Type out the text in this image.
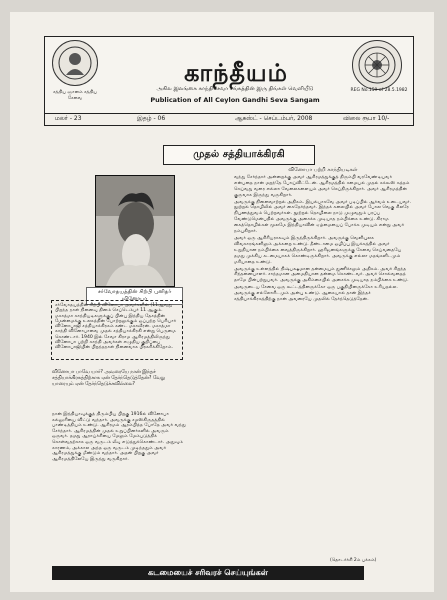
சத்திய ஞானம் சத்திய சேவை
காந்தீயம்
அகில இலங்கை காந்திசேவா சங்கத்தின் இரு திங்கள் வெளியீடு
Publication of All Ceylon Gandhi Seva Sangam
REG No.159 of 28.5.1982
மலர் - 23	இதழ் - 06	ஆகஸ்ட் - செப்டம்பர், 2008	விலை ரூபா 10/-
முதல் சத்தியாக்கிரகி
சர்வோதயத்தின் சிற்பி புனிதர் வினோபா
சர்வோதயத்தின் சிற்பி வினோபா அவர்களின் (11ஆவது பிறந்த நாள் நினைவு தினம் செப்டெம்பர் 11 ஆகும். மகாத்மா காந்தியடிகளுக்குப் பின்பு இந்திய தேசத்தின் மேன்மைக்கு உலகத்தின் போற்றலுக்கும் ஒப்பற்ற பெரியார் வினோபாஜி சத்தியாக்கிரகம் கண்ட மகாவீரன். மகாத்மா காந்தி வினோபாவை முதல் சத்தியாக்கிரகி என்று பெருமை கொண்டார். 1940 இல் சேவா கிராம ஆசிரமத்திலிருந்து வினோபா பற்றி காந்தி அவர்கள் எழுதிய குறிப்பை வினோபாஜியின் பிறந்தநாள் நினைவாக பிரசுரிக்கிறோம்.
வினோபா பாவே யார்? அவரையே நான் இந்தச் சத்தியாக்கிரகத்திற்காக ஏன் தேர்ந்தெடுத்தேன்? வேறு யாரையும் ஏன் தேர்ந்தெடுக்கவில்லை?
நான் இந்தியாவுக்குத் திரும்பிய பிறகு 1916ல் வினோபா கல்லூரியை விட்டு வந்தார். அவருக்கு சமஸ்கிருதத்தில் பாண்டித்தியம் உண்டு. ஆசிரமம் ஆரம்பித்த போதே அவர் வந்து சேர்ந்தார். ஆசிரமத்தின் முதல் உறுப்பினர்களில் அவரும் ஒருவர். தமது ஆராய்ச்சியை மேலும் மேம்படுத்திக் கொள்வதற்காக ஒரு வருடம் லீவு எடுத்துக்கொண்டார். அதுவும் காரணம், அக்கால அந்த ஒரு வருடம் முடிந்ததும் அவர் ஆசிரமத்துக்கு மீண்டும் வந்தார். அதன் பிறகு அவர் ஆசிரமத்திலேயே இருந்து வருகிறார்.
வினோபா பற்றி காந்தியடிகள்

வந்து சேர்ந்தார் அன்றைக்கு அவர் ஆசிரமத்துக்குத் திரும்பி வரவேண்டியவர் என்பதை நான் மறந்தே போய்விட்டேன். ஆசிரமத்தில் சமையல் முதல் கக்கூஸ் சுத்தம் செய்வது வரை எல்லா வேலைகளையும் அவர் செய்திருக்கிறார். அவர் ஆசிரமத்தின் குருவாக இருந்து வருகிறார்.

அவருக்கு நினைவாற்றல் அதிகம். இயல்பாகவே அவர் படிப்பில் ஆர்வம் உடையவர். நூற்றல் தொழிலில் அவர் கைதேர்ந்தவர். இந்தக் கலையில் அவர் போல வெகு சிலரே நிபுணத்துவம் பெற்றவர்கள். நூற்றல் தொழிலை நாடு முழுவதும் பரப்ப வேண்டுமென்பதில் அவருக்கு அசைக்க முடியாத நம்பிக்கை உண்டு. கிராம கைத்தொழில்கள் மூலமே இந்தியாவின் ஏழ்மையைப் போக்க முடியும் என்று அவர் நம்புகிறார்.

அவர் ஒரு ஆசிரியராகவும் இருந்திருக்கிறார். அவருக்கு வெளியுலக விவகாரங்களிலும் அக்கறை உண்டு. தீண்டாமை ஒழிப்பு இயக்கத்தில் அவர் உறுதியான நம்பிக்கை வைத்திருக்கிறார். ஹரிஜனங்களுக்கு சேவை செய்வதையே தமது முக்கிய கடமையாகக் கொண்டிருக்கிறார். அவருக்கு எல்லா மதங்களிடமும் மரியாதை உண்டு.

அவருக்கு உள்ளத்தில் நிஷ்பக்ஷமான தன்மையும் துணிச்சலும் அதிகம். அவர் சிறந்த சிந்தனையாளர். சாந்தமான அமைதியான தன்மை கொண்டவர். அவர் சொல்வதைத் தாமே பின்பற்றுபவர். அவருக்கு அகிம்சையில் அசைக்க முடியாத நம்பிக்கை உண்டு.

அவருடைய சேவை ஒரு கூட்டத்தினருக்கோ ஒரு பகுதியினருக்கோ உரியதல்ல. அவருக்கு எல்லோரிடமும் அன்பு உண்டு. ஆகையால் தான் இந்தச் சத்தியாக்கிரகத்திற்கு நான் அவரையே முதலில் தேர்ந்தெடுத்தேன்.

கடமையைச் சரிவரச் செய்யுங்கள்
(தொடர்ச்சி 2ம் பக்கம்)
